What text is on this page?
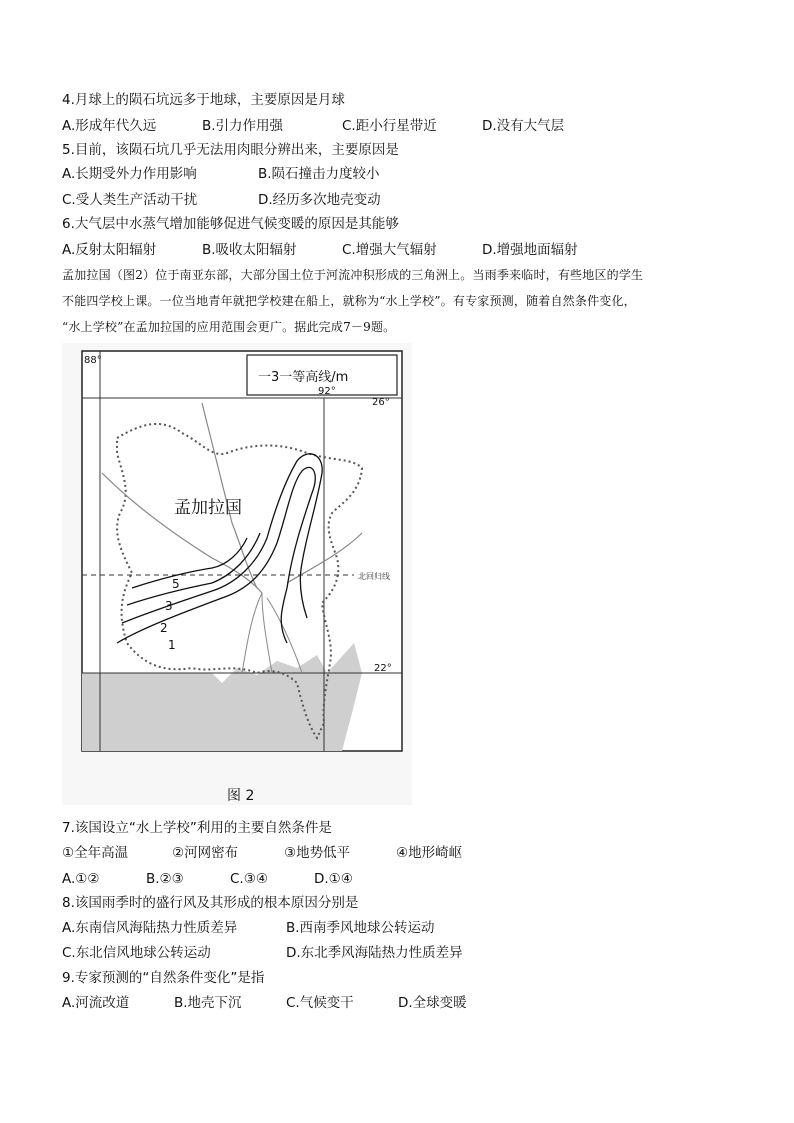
4.月球上的陨石坑远多于地球，主要原因是月球
A.形成年代久远	B.引力作用强	C.距小行星带近	D.没有大气层
5.目前，该陨石坑几乎无法用肉眼分辨出来，主要原因是
A.长期受外力作用影响	B.陨石撞击力度较小
C.受人类生产活动干扰	D.经历多次地壳变动
6.大气层中水蒸气增加能够促进气候变暖的原因是其能够
A.反射太阳辐射	B.吸收太阳辐射	C.增强大气辐射	D.增强地面辐射
孟加拉国（图2）位于南亚东部，大部分国土位于河流冲积形成的三角洲上。当雨季来临时，有些地区的学生
不能四学校上课。一位当地青年就把学校建在船上，就称为“水上学校”。有专家预测，随着自然条件变化，
“水上学校”在孟加拉国的应用范围会更广。据此完成7－9题。
一3一等高线/m
88°
92°
26°
22°
北回归线
孟加拉国
5
3
2
1
图 2
7.该国设立“水上学校”利用的主要自然条件是
①全年高温	②河网密布	③地势低平	④地形崎岖
A.①②	B.②③	C.③④	D.①④
8.该国雨季时的盛行风及其形成的根本原因分别是
A.东南信风海陆热力性质差异	B.西南季风地球公转运动
C.东北信风地球公转运动	D.东北季风海陆热力性质差异
9.专家预测的“自然条件变化”是指
A.河流改道	B.地壳下沉	C.气候变干	D.全球变暖
